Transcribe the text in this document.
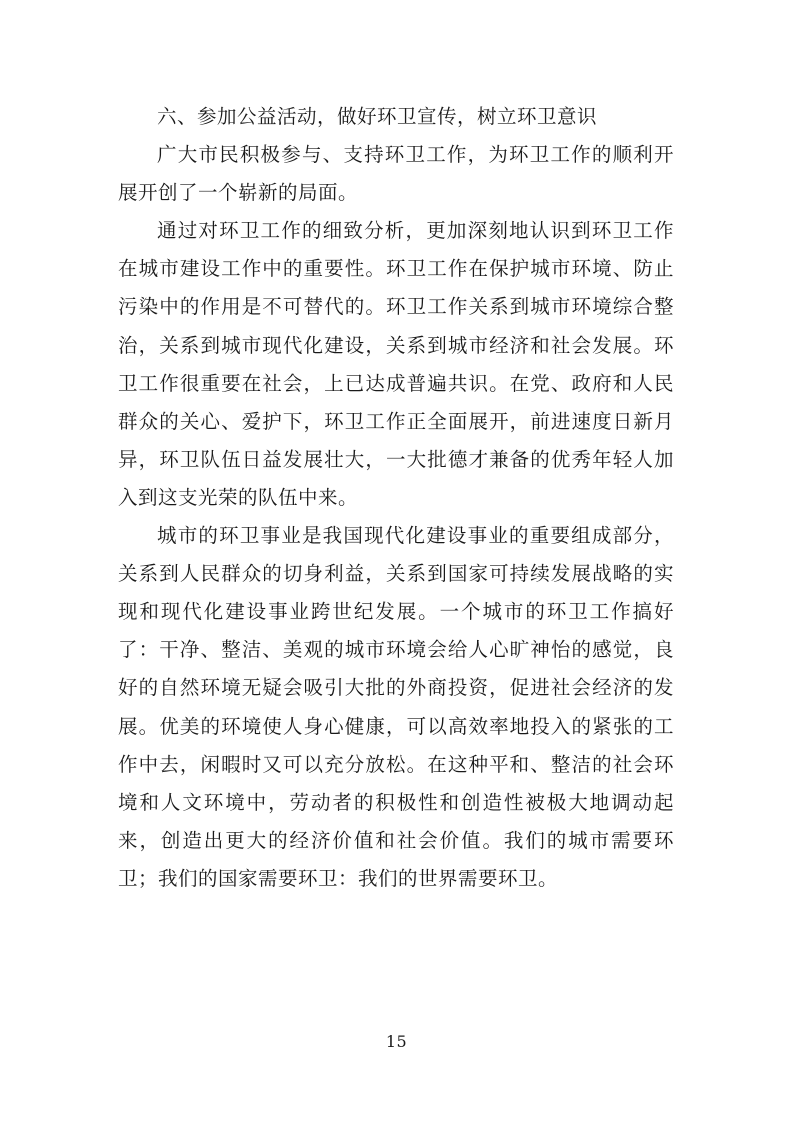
六、参加公益活动，做好环卫宣传，树立环卫意识

广大市民积极参与、支持环卫工作，为环卫工作的顺利开展开创了一个崭新的局面。

通过对环卫工作的细致分析，更加深刻地认识到环卫工作在城市建设工作中的重要性。环卫工作在保护城市环境、防止污染中的作用是不可替代的。环卫工作关系到城市环境综合整治，关系到城市现代化建设，关系到城市经济和社会发展。环卫工作很重要在社会，上已达成普遍共识。在党、政府和人民群众的关心、爱护下，环卫工作正全面展开，前进速度日新月异，环卫队伍日益发展壮大，一大批德才兼备的优秀年轻人加入到这支光荣的队伍中来。

城市的环卫事业是我国现代化建设事业的重要组成部分，关系到人民群众的切身利益，关系到国家可持续发展战略的实现和现代化建设事业跨世纪发展。一个城市的环卫工作搞好了：干净、整洁、美观的城市环境会给人心旷神怡的感觉，良好的自然环境无疑会吸引大批的外商投资，促进社会经济的发展。优美的环境使人身心健康，可以高效率地投入的紧张的工作中去，闲暇时又可以充分放松。在这种平和、整洁的社会环境和人文环境中，劳动者的积极性和创造性被极大地调动起来，创造出更大的经济价值和社会价值。我们的城市需要环卫；我们的国家需要环卫：我们的世界需要环卫。

15
